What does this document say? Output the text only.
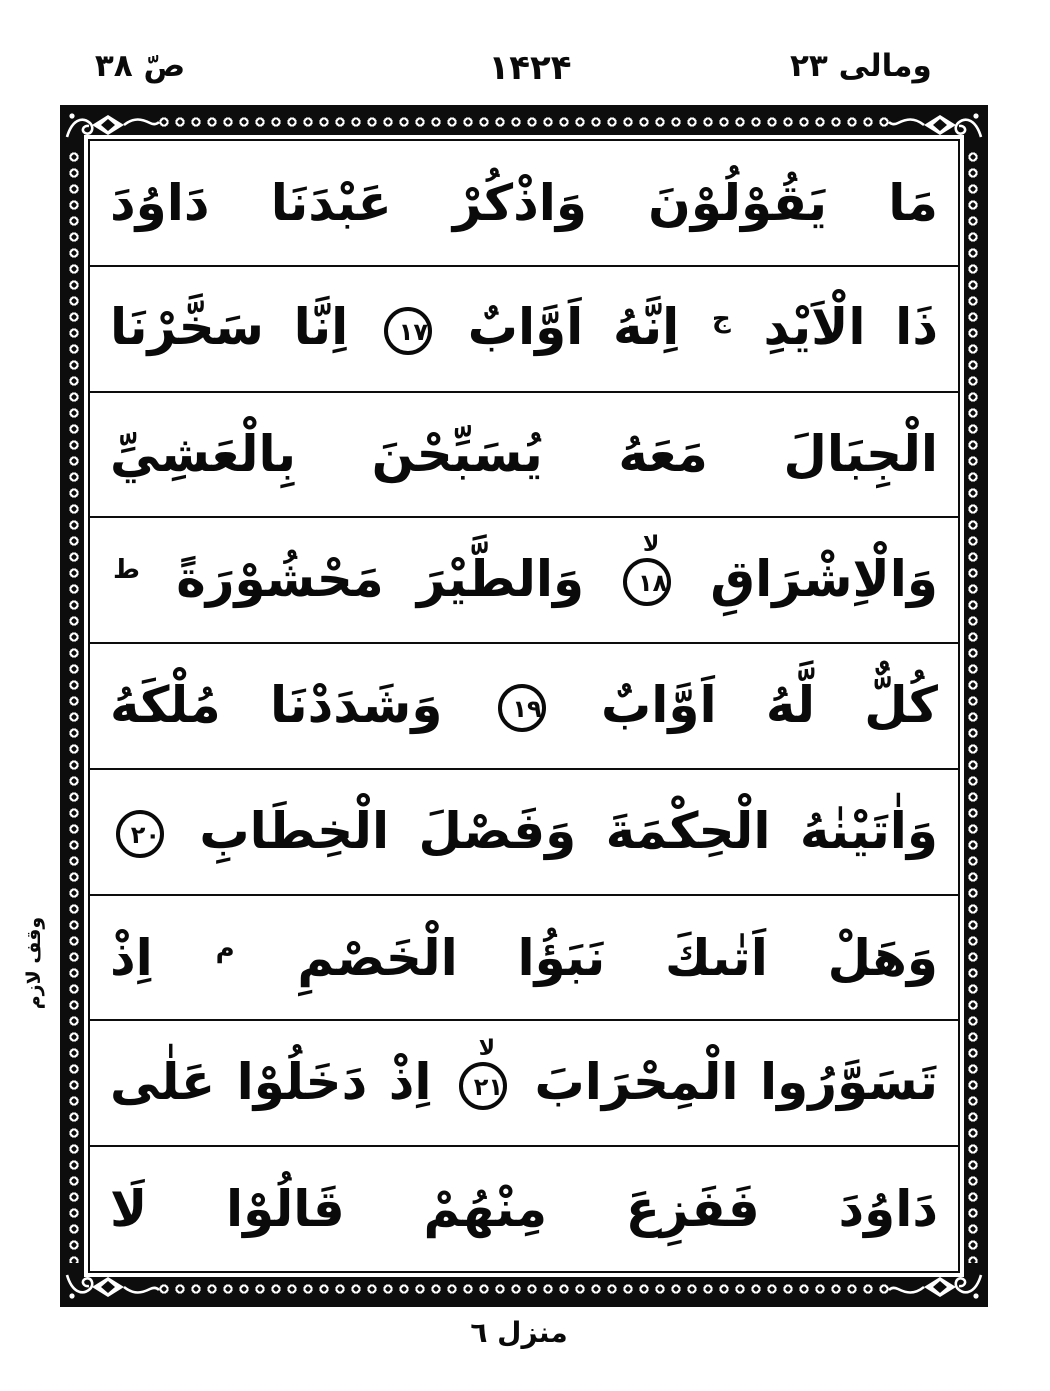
ومالى ۲۳
۱۴۲۴
صّ ۳۸
وقف لازم

مَا يَقُوْلُوْنَ وَاذْكُرْ عَبْدَنَا دَاوُدَ

ذَا الْاَيْدِ $^ج$ اِنَّهُ اَوَّابٌ ۱۷ اِنَّا سَخَّرْنَا

الْجِبَالَ مَعَهُ يُسَبِّحْنَ بِالْعَشِيِّ

وَالْاِشْرَاقِ ۱۸
لا
وَالطَّيْرَ مَحْشُوْرَةً $^ط$

كُلٌّ لَّهُ اَوَّابٌ ۱۹ وَشَدَدْنَا مُلْكَهُ

وَاٰتَيْنٰهُ الْحِكْمَةَ وَفَصْلَ الْخِطَابِ ۲۰

وَهَلْ اَتٰىكَ نَبَؤُا الْخَصْمِ $^م$ اِذْ

تَسَوَّرُوا الْمِحْرَابَ ۲۱
لا
اِذْ دَخَلُوْا عَلٰى

دَاوُدَ فَفَزِعَ مِنْهُمْ قَالُوْا لَا

منزل ٦
